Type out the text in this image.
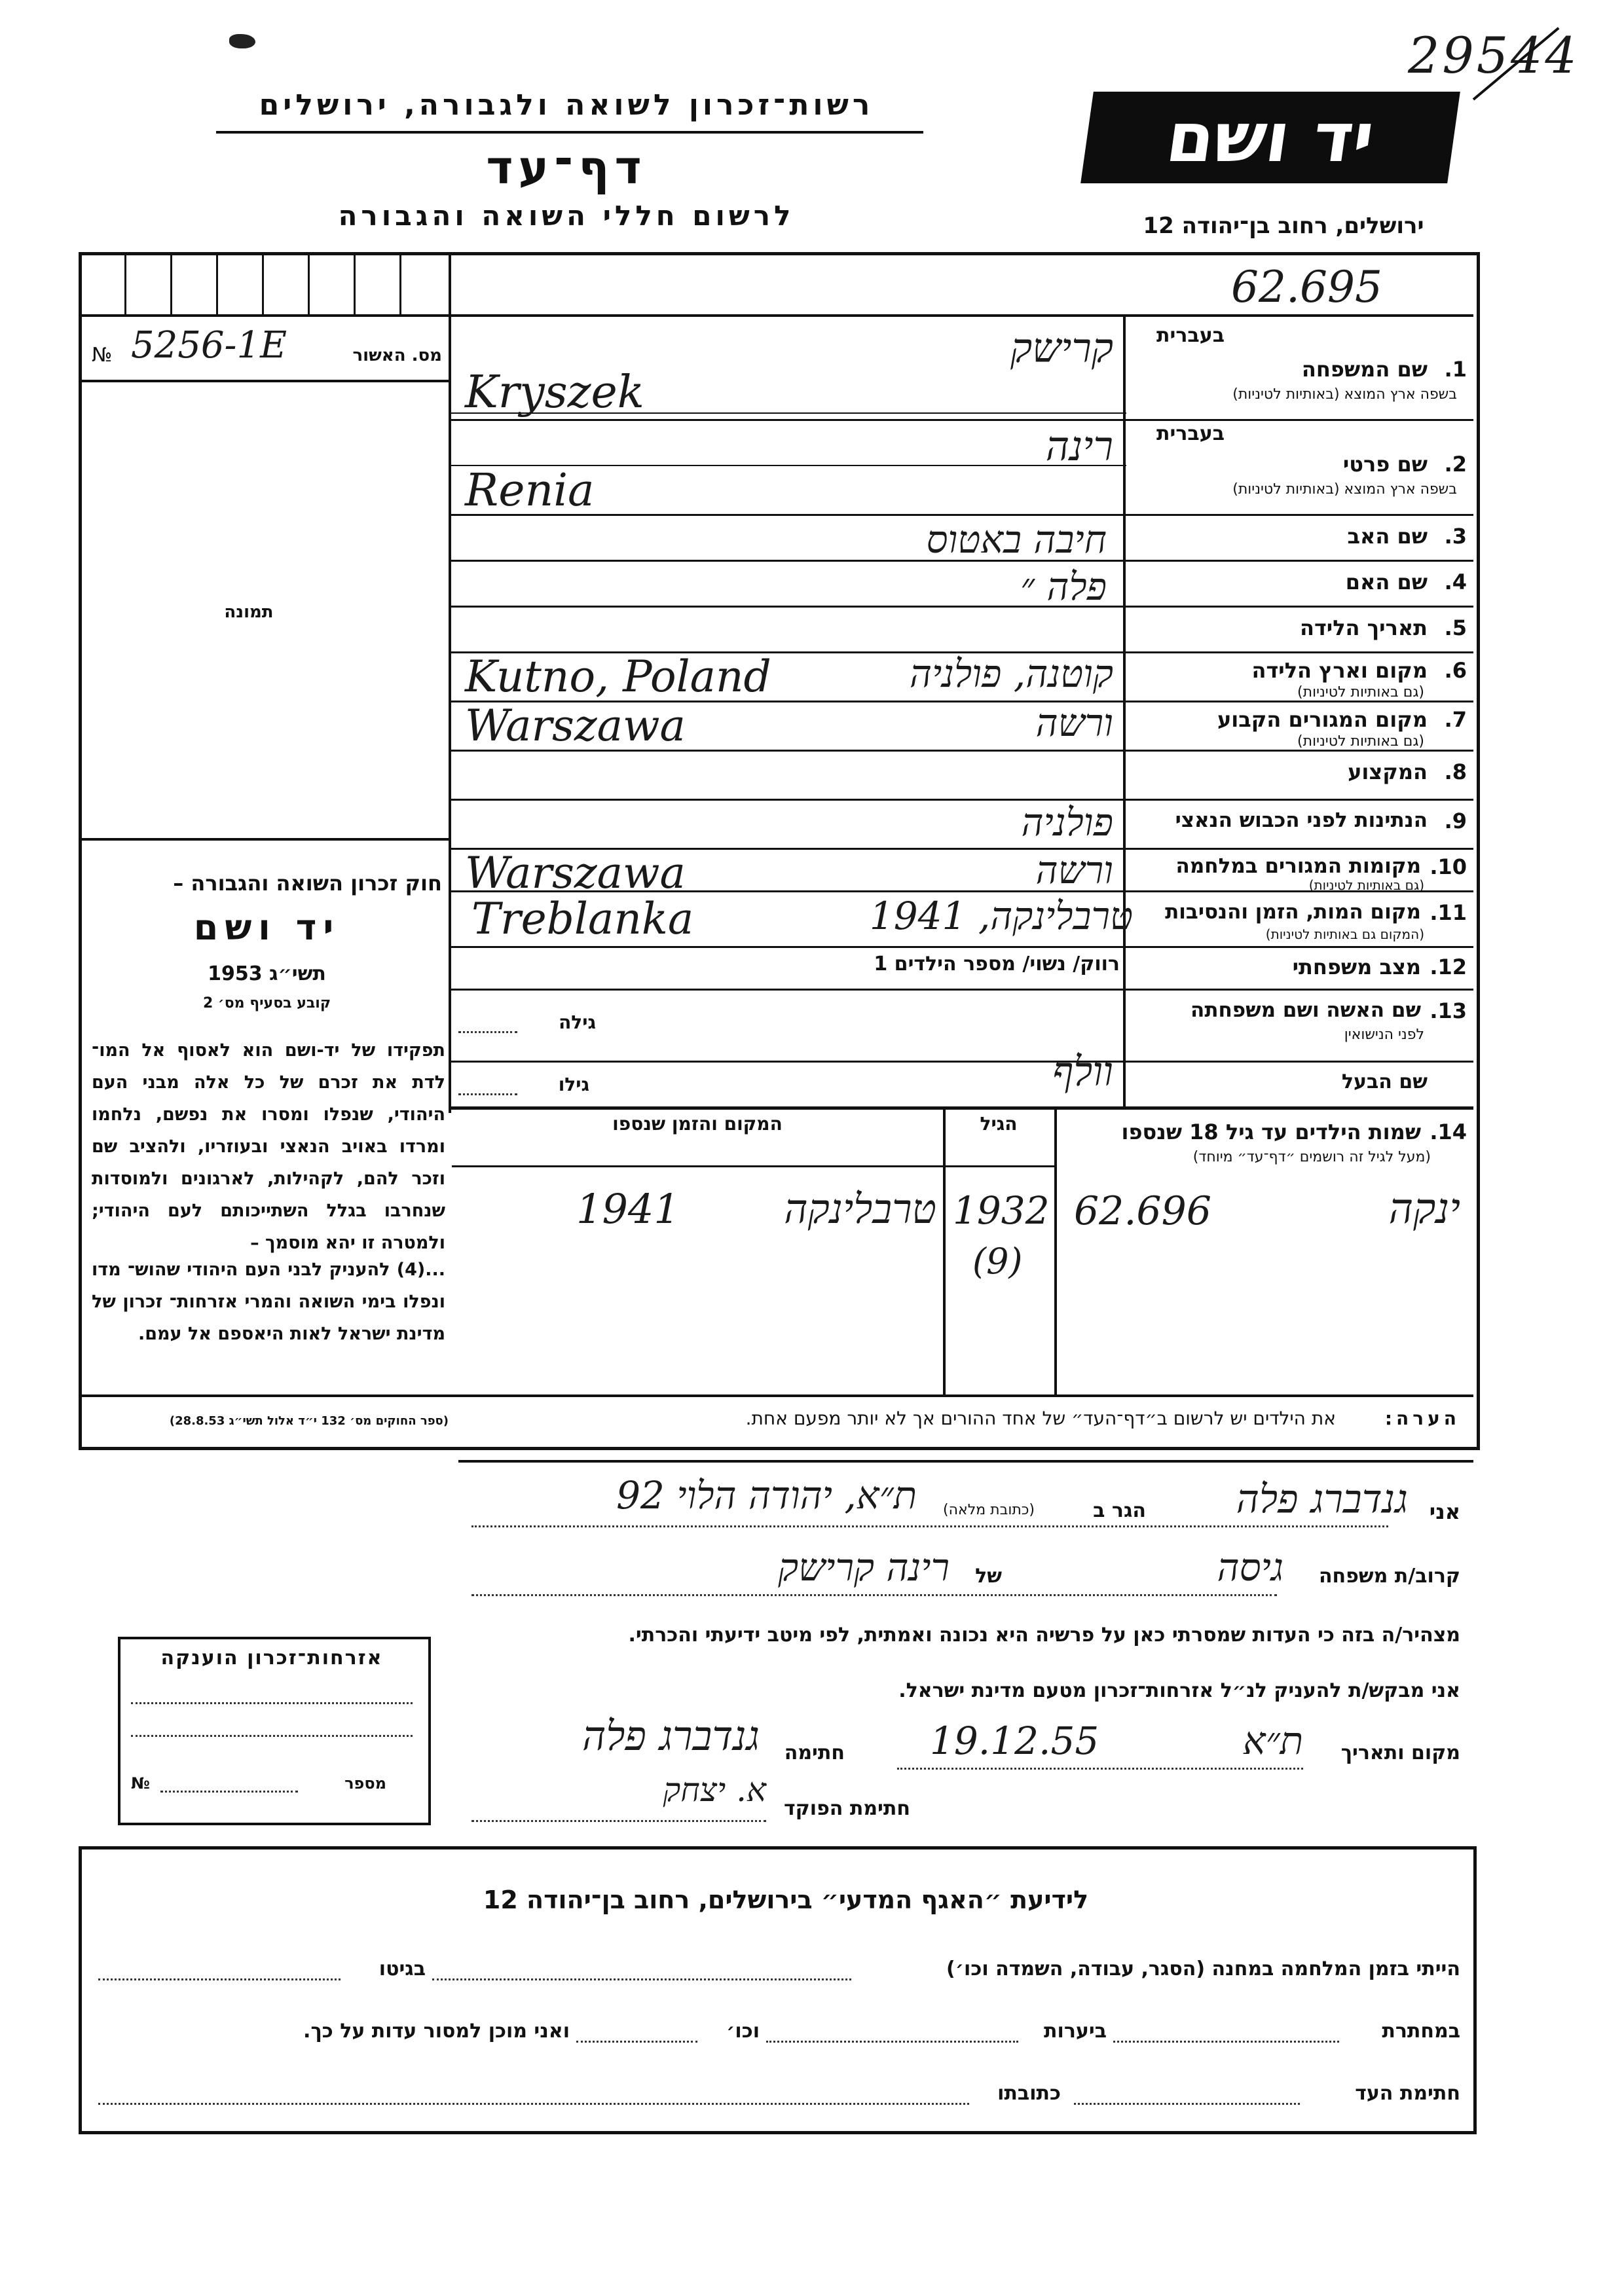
29544
רשות־זכרון לשואה ולגבורה, ירושלים
דף־עד
לרשום חללי השואה והגבורה
יד ושם
ירושלים, רחוב בן־יהודה 12
62.695
№ 5256-1E	מס. האשור
תמונה
חוק זכרון השואה והגבורה –
יד ושם
תשי״ג 1953
קובע בסעיף מס׳ 2
תפקידו של יד-ושם הוא לאסוף אל המו־ לדת את זכרם של כל אלה מבני העם היהודי, שנפלו ומסרו את נפשם, נלחמו ומרדו באויב הנאצי ובעוזריו, ולהציב שם וזכר להם, לקהילות, לארגונים ולמוסדות שנחרבו בגלל השתייכותם לעם היהודי; ולמטרה זו יהא מוסמך –
...(4) להעניק לבני העם היהודי שהוש־ מדו ונפלו בימי השואה והמרי אזרחות־ זכרון של מדינת ישראל לאות היאספם אל עמם.
(ספר החוקים מס׳ 132 י״ד אלול תשי״ג 28.8.53)
בעברית
1.
שם המשפחה
בשפה ארץ המוצא (באותיות לטיניות)
קרישק
Kryszek
בעברית
2.
שם פרטי
בשפה ארץ המוצא (באותיות לטיניות)
רינה
Renia
3.
שם האב
חיבה באטוס
4.
שם האם
פלה ״
5.
תאריך הלידה
6.
מקום וארץ הלידה
(גם באותיות לטיניות)
קוטנה, פולניה
Kutno, Poland
7.
מקום המגורים הקבוע
(גם באותיות לטיניות)
ורשה
Warszawa
8.
המקצוע
9.
הנתינות לפני הכבוש הנאצי
פולניה
10.
מקומות המגורים במלחמה
(גם באותיות לטיניות)
ורשה
Warszawa
11.
מקום המות, הזמן והנסיבות
(המקום גם באותיות לטיניות)
טרבלינקה, 1941
Treblanka
12.
מצב משפחתי
רווק/ נשוי/ מספר הילדים 1
13.
שם האשה ושם משפחתה
לפני הנישואין
גילה
שם הבעל
וולף
גילו
14.
שמות הילדים עד גיל 18 שנספו
(מעל לגיל זה רושמים ״דף־עד״ מיוחד)
הגיל
המקום והזמן שנספו
ינקה
62.696
1932
(9)
טרבלינקה
1941
הערה:
את הילדים יש לרשום ב״דף־העד״ של אחד ההורים אך לא יותר מפעם אחת.
אני
גנדברג פלה
הגר ב
(כתובת מלאה)
ת״א, יהודה הלוי 92
קרוב/ת משפחה
גיסה
של
רינה קרישק
מצהיר/ה בזה כי העדות שמסרתי כאן על פרשיה היא נכונה ואמתית, לפי מיטב ידיעתי והכרתי.
אני מבקש/ת להעניק לנ״ל אזרחות־זכרון מטעם מדינת ישראל.
מקום ותאריך
ת״א
19.12.55
חתימה
גנדברג פלה
חתימת הפוקד
א. יצחק
אזרחות־זכרון הוענקה
מספר
№
לידיעת ״האגף המדעי״ בירושלים, רחוב בן־יהודה 12
הייתי בזמן המלחמה במחנה (הסגר, עבודה, השמדה וכו׳)
בגיטו
במחתרת
ביערות
וכו׳
ואני מוכן למסור עדות על כך.
חתימת העד
כתובתו
